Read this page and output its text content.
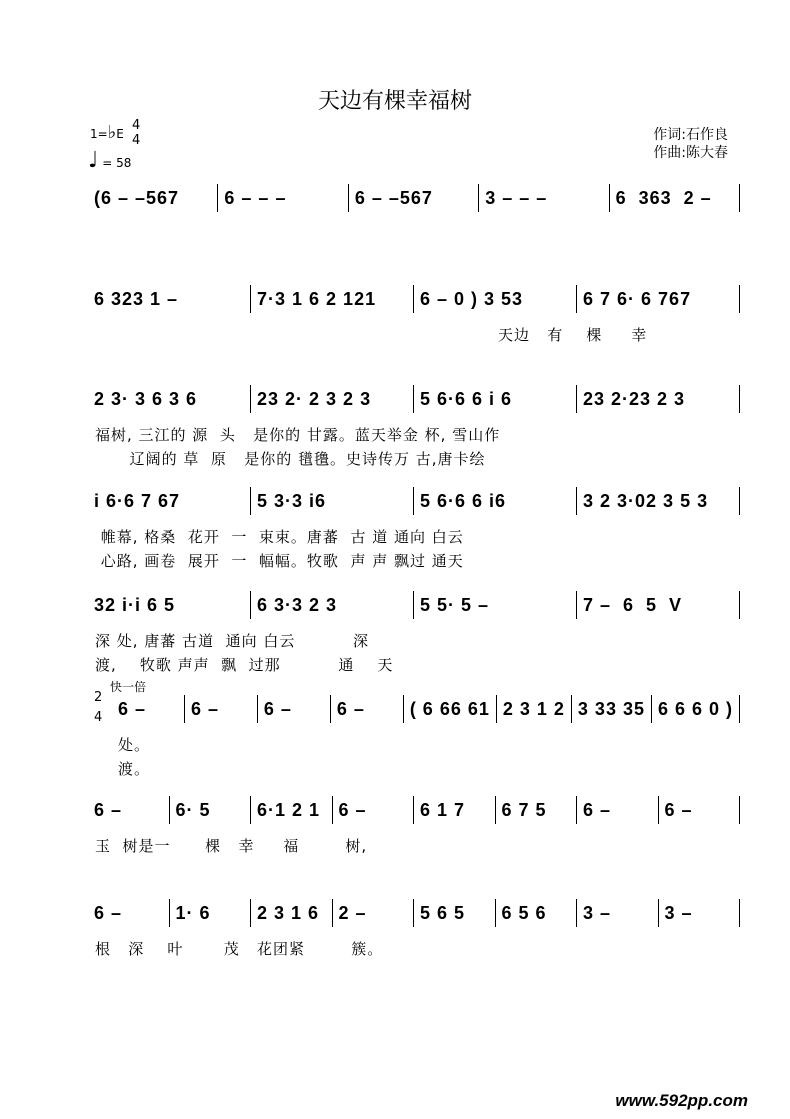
天边有棵幸福树
1=♭E
4
4
♩ = 58
作词:石作良
作曲:陈大春
(6 – –567	6 – – –	6 – –567	3 – – –	6  363  2 –
6 323 1 –	7·3 1 6 2 121	6 – 0 ) 3 53	6 7 6· 6 767
天边   有    棵     幸
2 3· 3 6 3 6	23 2· 2 3 2 3	5 6·6 6 i 6	23 2·23 2 3
福树, 三江的 源  头   是你的 甘露。蓝天举金 杯, 雪山作
辽阔的 草  原   是你的 氆氇。史诗传万 古,唐卡绘
i 6·6 7 67	5 3·3 i6	5 6·6 6 i6	3 2 3·02 3 5 3
帷幕, 格桑  花开  一  束束。唐蕃  古 道 通向 白云
心路, 画卷  展开  一  幅幅。牧歌  声 声 飘过 通天
32 i·i 6 5	6 3·3 2 3	5 5· 5 –	7 –  6  5  V
深 处, 唐蕃 古道  通向 白云          深
渡,    牧歌 声声  飘  过那          通    天
6 –	6 –	6 –	6 –	( 6 66 61 2 3 1 2 3 33 35 6 6 6 0 )
处。
渡。
快一倍
2
4
6 –	6· 5	6·1 2 1	6 –	6 1 7	6 7 5	6 –	6 –
玉  树是一      棵   幸     福        树,
6 –	1· 6	2 3 1 6	2 –	5 6 5	6 5 6	3 –	3 –
根   深    叶       茂   花团紧        簇。
www.592pp.com
